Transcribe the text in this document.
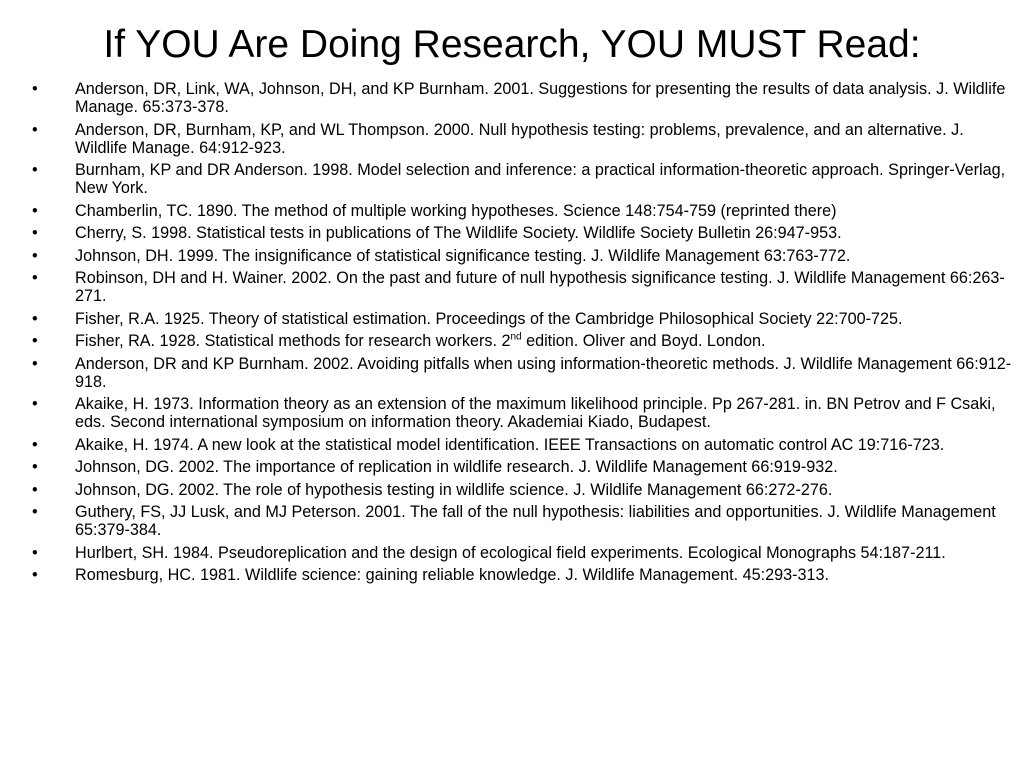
If YOU Are Doing Research, YOU MUST Read:
• Anderson, DR, Link, WA, Johnson, DH, and KP Burnham. 2001. Suggestions for presenting the results of data analysis. J. Wildlife Manage. 65:373-378.
• Anderson, DR, Burnham, KP, and WL Thompson. 2000. Null hypothesis testing: problems, prevalence, and an alternative. J. Wildlife Manage. 64:912-923.
• Burnham, KP and DR Anderson. 1998. Model selection and inference: a practical information-theoretic approach. Springer-Verlag, New York.
• Chamberlin, TC. 1890. The method of multiple working hypotheses. Science 148:754-759 (reprinted there)
• Cherry, S. 1998. Statistical tests in publications of The Wildlife Society. Wildlife Society Bulletin 26:947-953.
• Johnson, DH. 1999. The insignificance of statistical significance testing. J. Wildlife Management 63:763-772.
• Robinson, DH and H. Wainer. 2002. On the past and future of null hypothesis significance testing. J. Wildlife Management 66:263-271.
• Fisher, R.A. 1925. Theory of statistical estimation. Proceedings of the Cambridge Philosophical Society 22:700-725.
• Fisher, RA. 1928. Statistical methods for research workers. 2nd edition. Oliver and Boyd. London.
• Anderson, DR and KP Burnham. 2002. Avoiding pitfalls when using information-theoretic methods. J. Wildlife Management 66:912-918.
• Akaike, H. 1973. Information theory as an extension of the maximum likelihood principle. Pp 267-281. in. BN Petrov and F Csaki, eds. Second international symposium on information theory. Akademiai Kiado, Budapest.
• Akaike, H. 1974. A new look at the statistical model identification. IEEE Transactions on automatic control AC 19:716-723.
• Johnson, DG. 2002. The importance of replication in wildlife research. J. Wildlife Management 66:919-932.
• Johnson, DG. 2002. The role of hypothesis testing in wildlife science. J. Wildlife Management 66:272-276.
• Guthery, FS, JJ Lusk, and MJ Peterson. 2001. The fall of the null hypothesis: liabilities and opportunities. J. Wildlife Management 65:379-384.
• Hurlbert, SH. 1984. Pseudoreplication and the design of ecological field experiments. Ecological Monographs 54:187-211.
• Romesburg, HC. 1981. Wildlife science: gaining reliable knowledge. J. Wildlife Management. 45:293-313.
